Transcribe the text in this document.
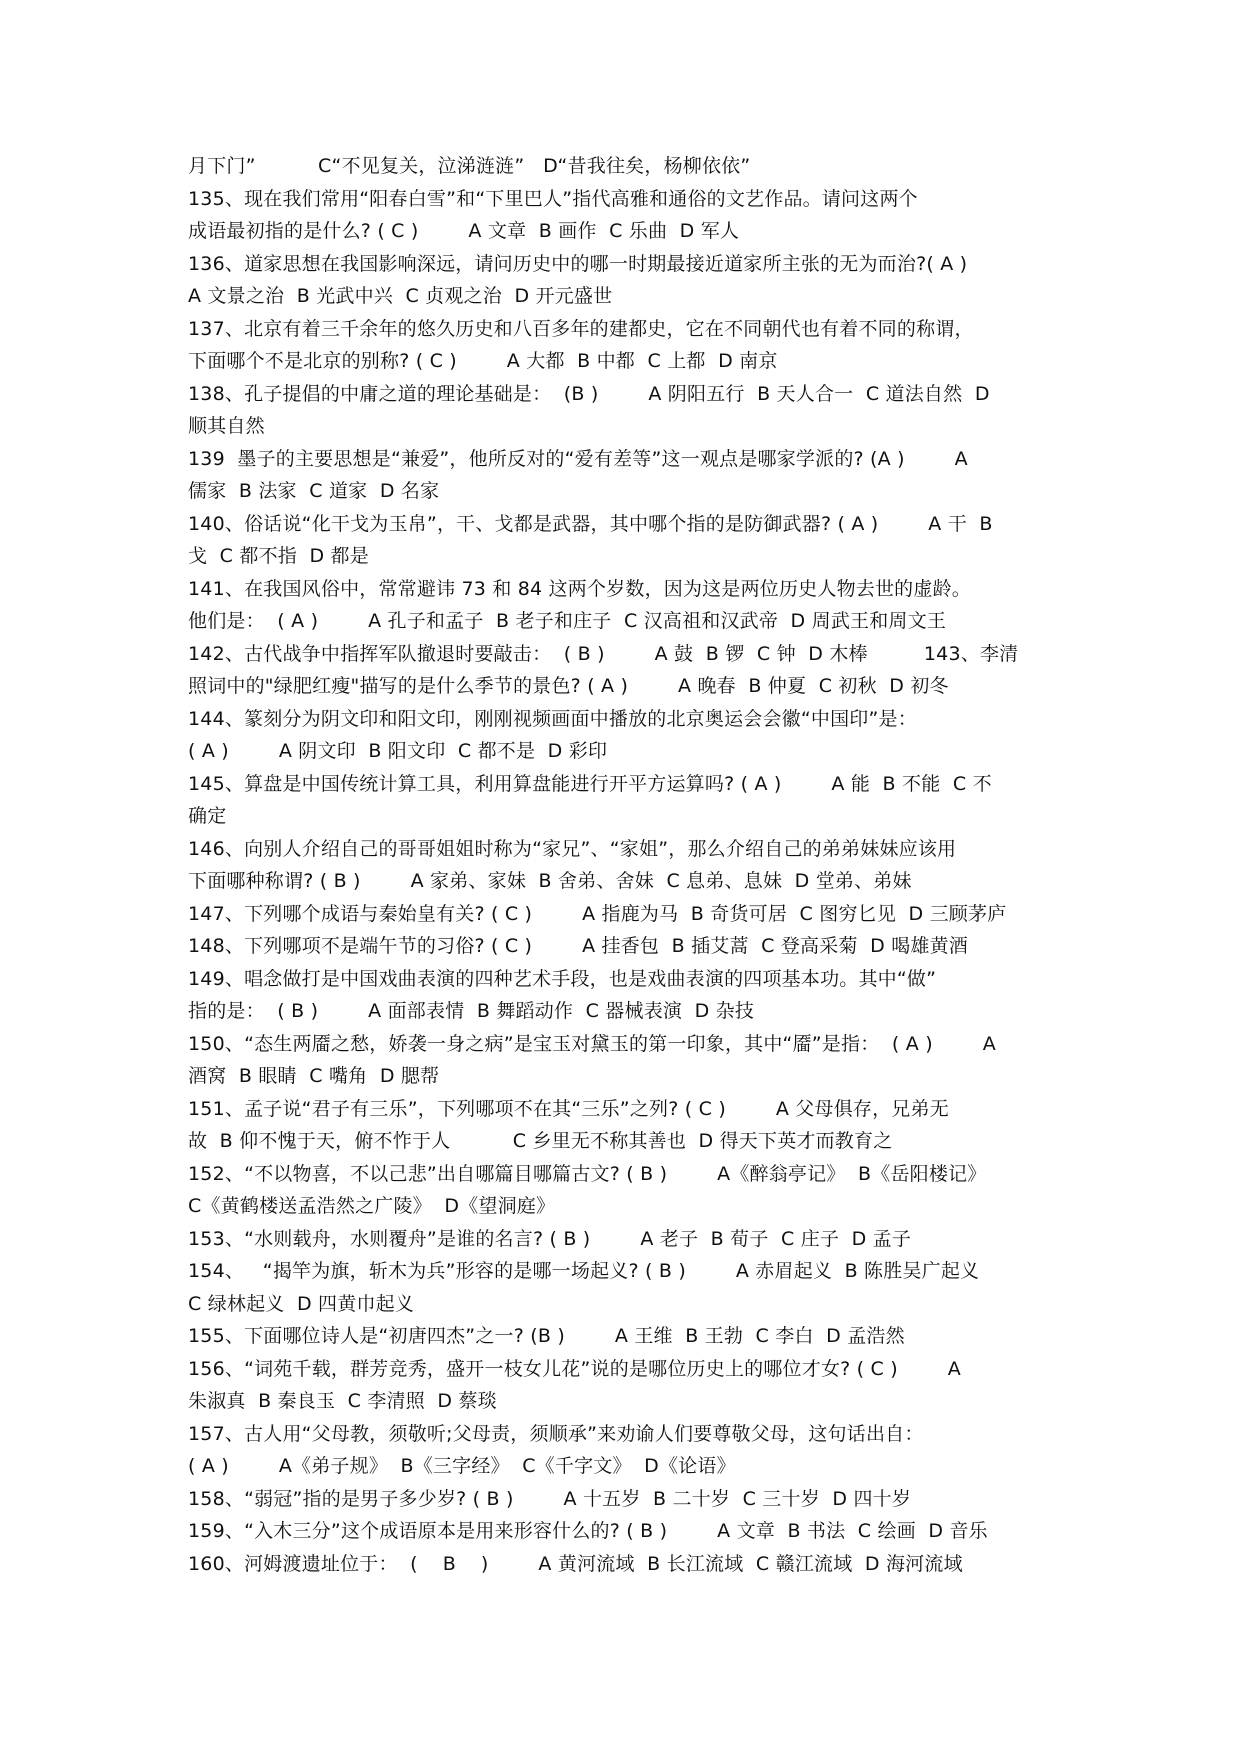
月下门”          C“不见复关，泣涕涟涟”   D“昔我往矣，杨柳依依”
135、现在我们常用“阳春白雪”和“下里巴人”指代高雅和通俗的文艺作品。请问这两个
成语最初指的是什么? ( C )        A 文章  B 画作  C 乐曲  D 军人
136、道家思想在我国影响深远，请问历史中的哪一时期最接近道家所主张的无为而治?( A )
A 文景之治  B 光武中兴  C 贞观之治  D 开元盛世
137、北京有着三千余年的悠久历史和八百多年的建都史，它在不同朝代也有着不同的称谓，
下面哪个不是北京的别称? ( C )        A 大都  B 中都  C 上都  D 南京
138、孔子提倡的中庸之道的理论基础是：  (B )        A 阴阳五行  B 天人合一  C 道法自然  D
顺其自然
139  墨子的主要思想是“兼爱”，他所反对的“爱有差等”这一观点是哪家学派的? (A )        A
儒家  B 法家  C 道家  D 名家
140、俗话说“化干戈为玉帛”，干、戈都是武器，其中哪个指的是防御武器? ( A )        A 干  B
戈  C 都不指  D 都是
141、在我国风俗中，常常避讳 73 和 84 这两个岁数，因为这是两位历史人物去世的虚龄。
他们是：  ( A )        A 孔子和孟子  B 老子和庄子  C 汉高祖和汉武帝  D 周武王和周文王
142、古代战争中指挥军队撤退时要敲击：  ( B )        A 鼓  B 锣  C 钟  D 木棒         143、李清
照词中的"绿肥红瘦"描写的是什么季节的景色? ( A )        A 晚春  B 仲夏  C 初秋  D 初冬
144、篆刻分为阴文印和阳文印，刚刚视频画面中播放的北京奥运会会徽“中国印”是：
( A )        A 阴文印  B 阳文印  C 都不是  D 彩印
145、算盘是中国传统计算工具，利用算盘能进行开平方运算吗? ( A )        A 能  B 不能  C 不
确定
146、向别人介绍自己的哥哥姐姐时称为“家兄”、“家姐”，那么介绍自己的弟弟妹妹应该用
下面哪种称谓? ( B )        A 家弟、家妹  B 舍弟、舍妹  C 息弟、息妹  D 堂弟、弟妹
147、下列哪个成语与秦始皇有关? ( C )        A 指鹿为马  B 奇货可居  C 图穷匕见  D 三顾茅庐
148、下列哪项不是端午节的习俗? ( C )        A 挂香包  B 插艾蒿  C 登高采菊  D 喝雄黄酒
149、唱念做打是中国戏曲表演的四种艺术手段，也是戏曲表演的四项基本功。其中“做”
指的是：  ( B )        A 面部表情  B 舞蹈动作  C 器械表演  D 杂技
150、“态生两靥之愁，娇袭一身之病”是宝玉对黛玉的第一印象，其中“靥”是指：  ( A )        A
酒窝  B 眼睛  C 嘴角  D 腮帮
151、孟子说“君子有三乐”，下列哪项不在其“三乐”之列? ( C )        A 父母俱存，兄弟无
故  B 仰不愧于天，俯不怍于人          C 乡里无不称其善也  D 得天下英才而教育之
152、“不以物喜，不以己悲”出自哪篇目哪篇古文? ( B )        A《醉翁亭记》  B《岳阳楼记》
C《黄鹤楼送孟浩然之广陵》  D《望洞庭》
153、“水则载舟，水则覆舟”是谁的名言? ( B )        A 老子  B 荀子  C 庄子  D 孟子
154、   “揭竿为旗，斩木为兵”形容的是哪一场起义? ( B )        A 赤眉起义  B 陈胜吴广起义
C 绿林起义  D 四黄巾起义
155、下面哪位诗人是“初唐四杰”之一? (B )        A 王维  B 王勃  C 李白  D 孟浩然
156、“词苑千载，群芳竞秀，盛开一枝女儿花”说的是哪位历史上的哪位才女? ( C )        A
朱淑真  B 秦良玉  C 李清照  D 蔡琰
157、古人用“父母教，须敬听;父母责，须顺承”来劝谕人们要尊敬父母，这句话出自：
( A )        A《弟子规》  B《三字经》  C《千字文》  D《论语》
158、“弱冠”指的是男子多少岁? ( B )        A 十五岁  B 二十岁  C 三十岁  D 四十岁
159、“入木三分”这个成语原本是用来形容什么的? ( B )        A 文章  B 书法  C 绘画  D 音乐
160、河姆渡遗址位于：  (    B    )        A 黄河流域  B 长江流域  C 赣江流域  D 海河流域
